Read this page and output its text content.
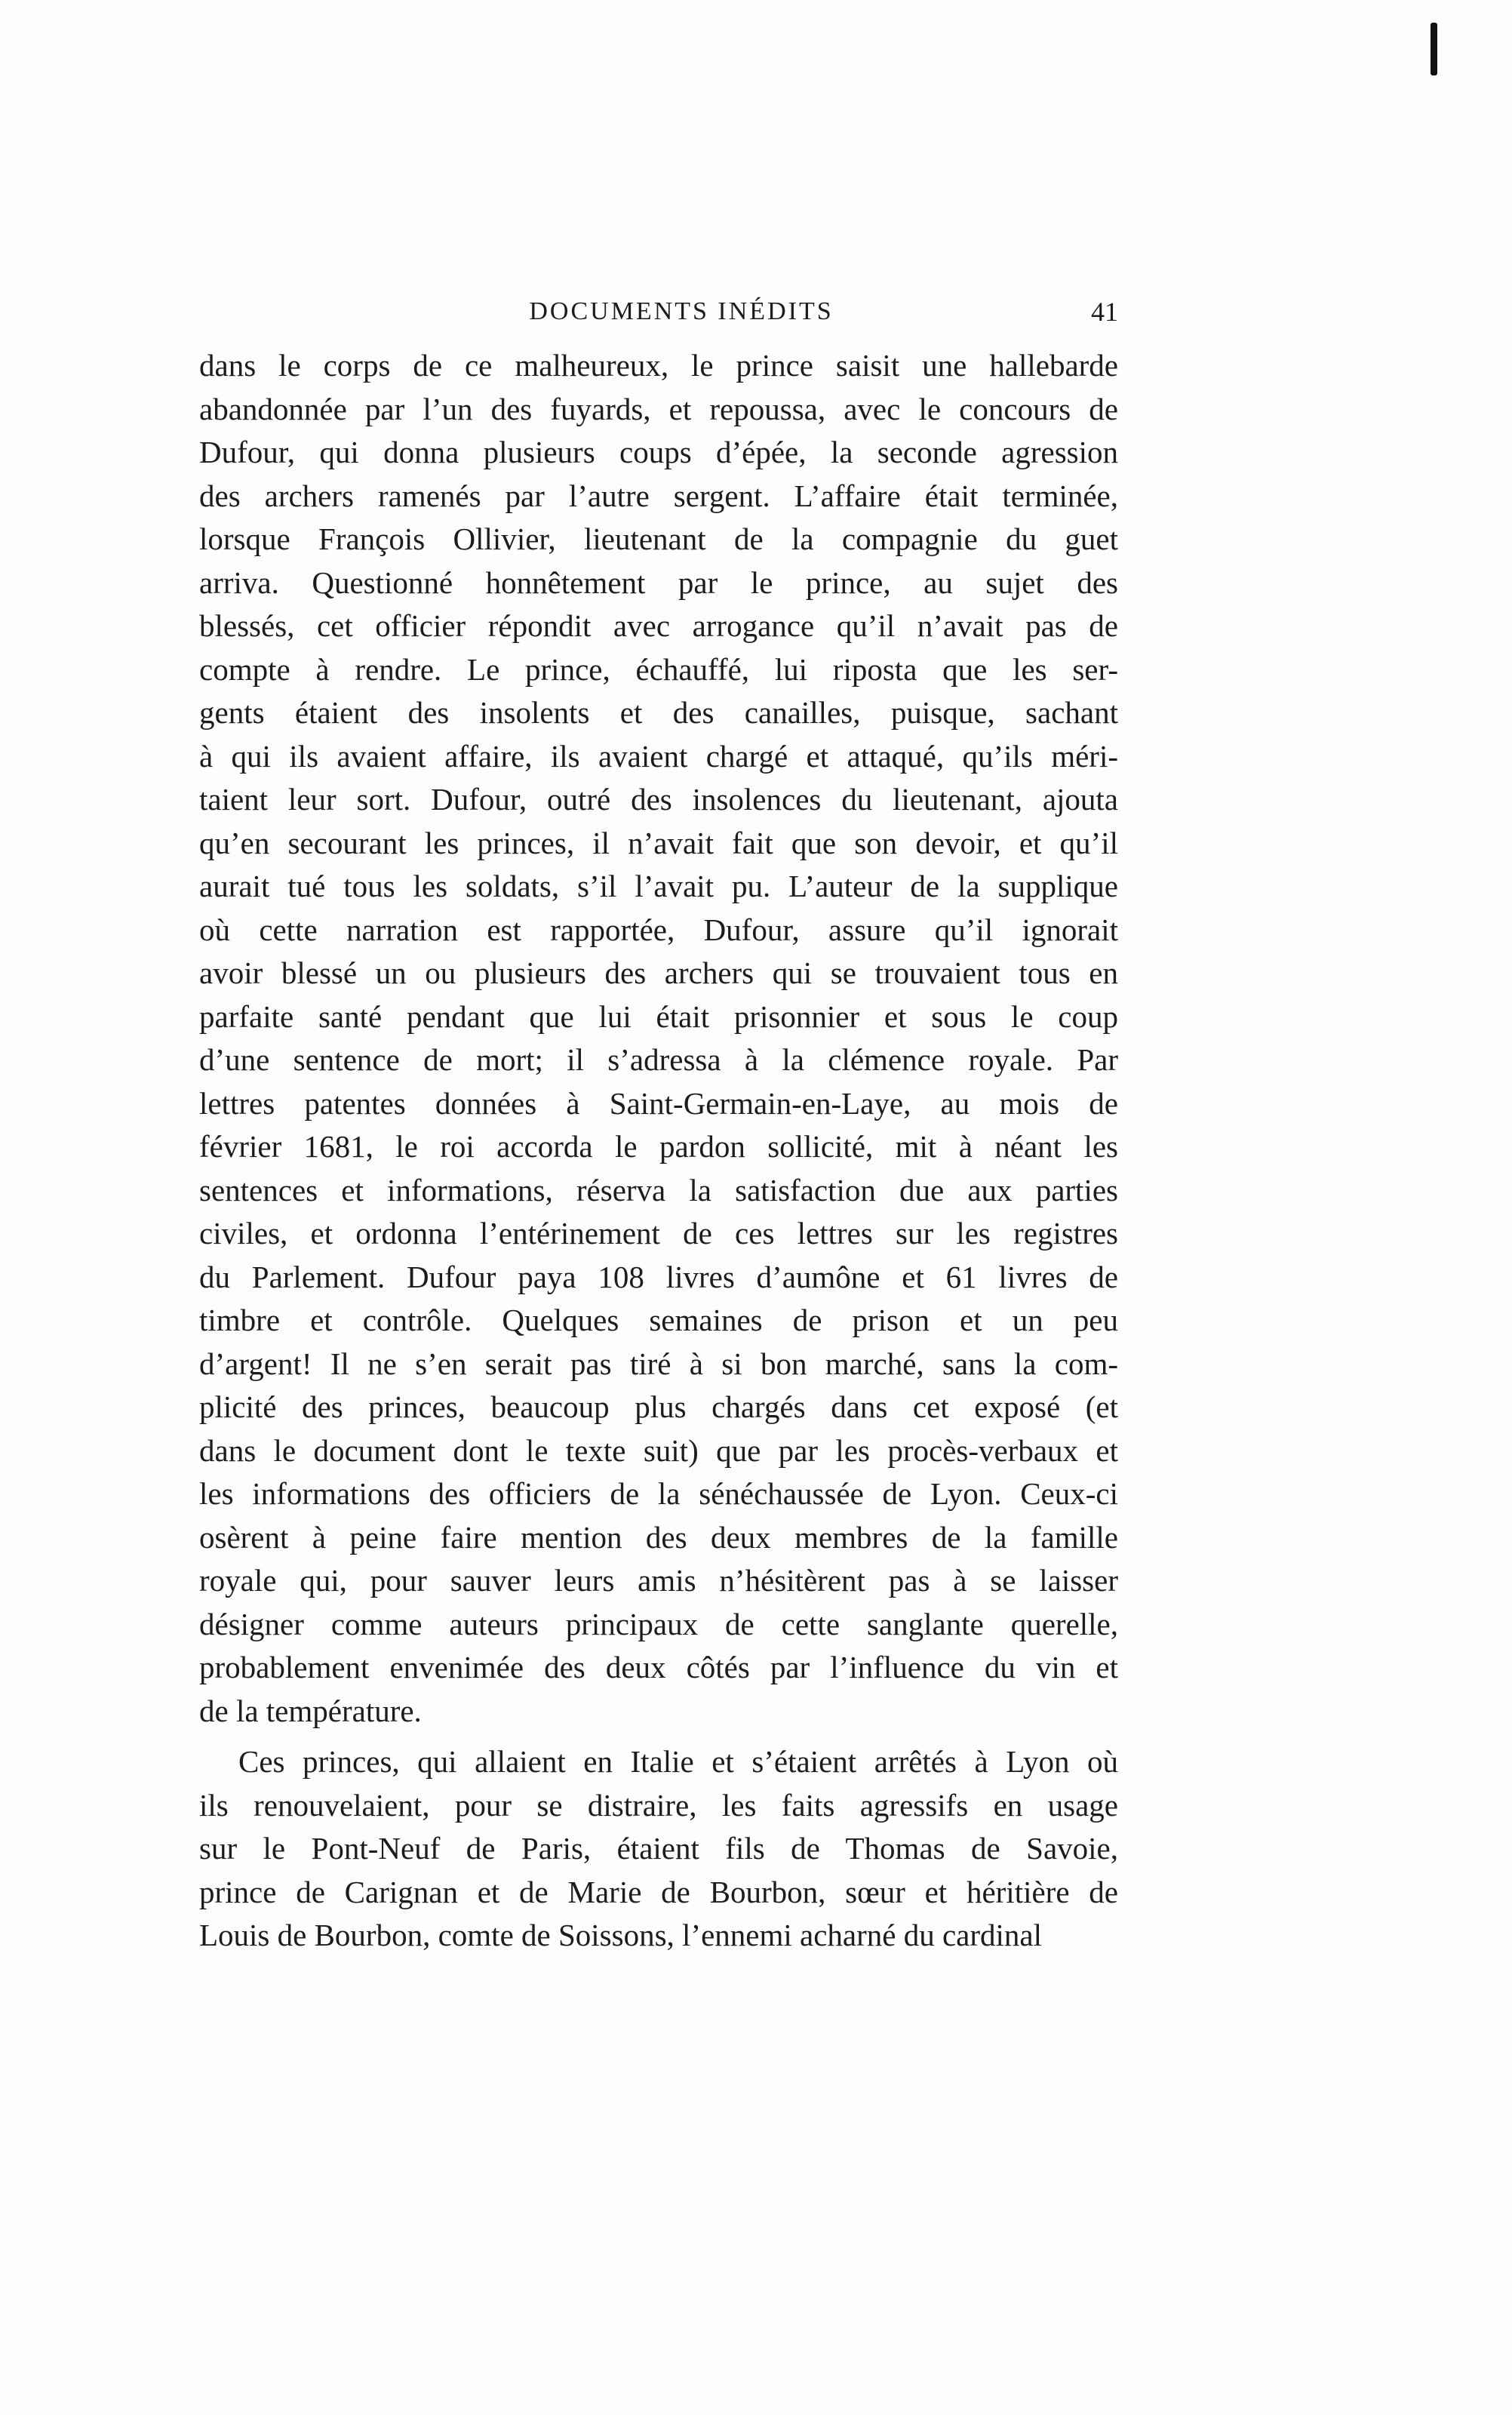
DOCUMENTS INÉDITS	41
dans le corps de ce malheureux, le prince saisit une hallebarde
abandonnée par l’un des fuyards, et repoussa, avec le concours de
Dufour, qui donna plusieurs coups d’épée, la seconde agression
des archers ramenés par l’autre sergent. L’affaire était terminée,
lorsque François Ollivier, lieutenant de la compagnie du guet
arriva. Questionné honnêtement par le prince, au sujet des
blessés, cet officier répondit avec arrogance qu’il n’avait pas de
compte à rendre. Le prince, échauffé, lui riposta que les ser-
gents étaient des insolents et des canailles, puisque, sachant
à qui ils avaient affaire, ils avaient chargé et attaqué, qu’ils méri-
taient leur sort. Dufour, outré des insolences du lieutenant, ajouta
qu’en secourant les princes, il n’avait fait que son devoir, et qu’il
aurait tué tous les soldats, s’il l’avait pu. L’auteur de la supplique
où cette narration est rapportée, Dufour, assure qu’il ignorait
avoir blessé un ou plusieurs des archers qui se trouvaient tous en
parfaite santé pendant que lui était prisonnier et sous le coup
d’une sentence de mort; il s’adressa à la clémence royale. Par
lettres patentes données à Saint-Germain-en-Laye, au mois de
février 1681, le roi accorda le pardon sollicité, mit à néant les
sentences et informations, réserva la satisfaction due aux parties
civiles, et ordonna l’entérinement de ces lettres sur les registres
du Parlement. Dufour paya 108 livres d’aumône et 61 livres de
timbre et contrôle. Quelques semaines de prison et un peu
d’argent! Il ne s’en serait pas tiré à si bon marché, sans la com-
plicité des princes, beaucoup plus chargés dans cet exposé (et
dans le document dont le texte suit) que par les procès-verbaux et
les informations des officiers de la sénéchaussée de Lyon. Ceux-ci
osèrent à peine faire mention des deux membres de la famille
royale qui, pour sauver leurs amis n’hésitèrent pas à se laisser
désigner comme auteurs principaux de cette sanglante querelle,
probablement envenimée des deux côtés par l’influence du vin et
de la température.
Ces princes, qui allaient en Italie et s’étaient arrêtés à Lyon où
ils renouvelaient, pour se distraire, les faits agressifs en usage
sur le Pont-Neuf de Paris, étaient fils de Thomas de Savoie,
prince de Carignan et de Marie de Bourbon, sœur et héritière de
Louis de Bourbon, comte de Soissons, l’ennemi acharné du cardinal
